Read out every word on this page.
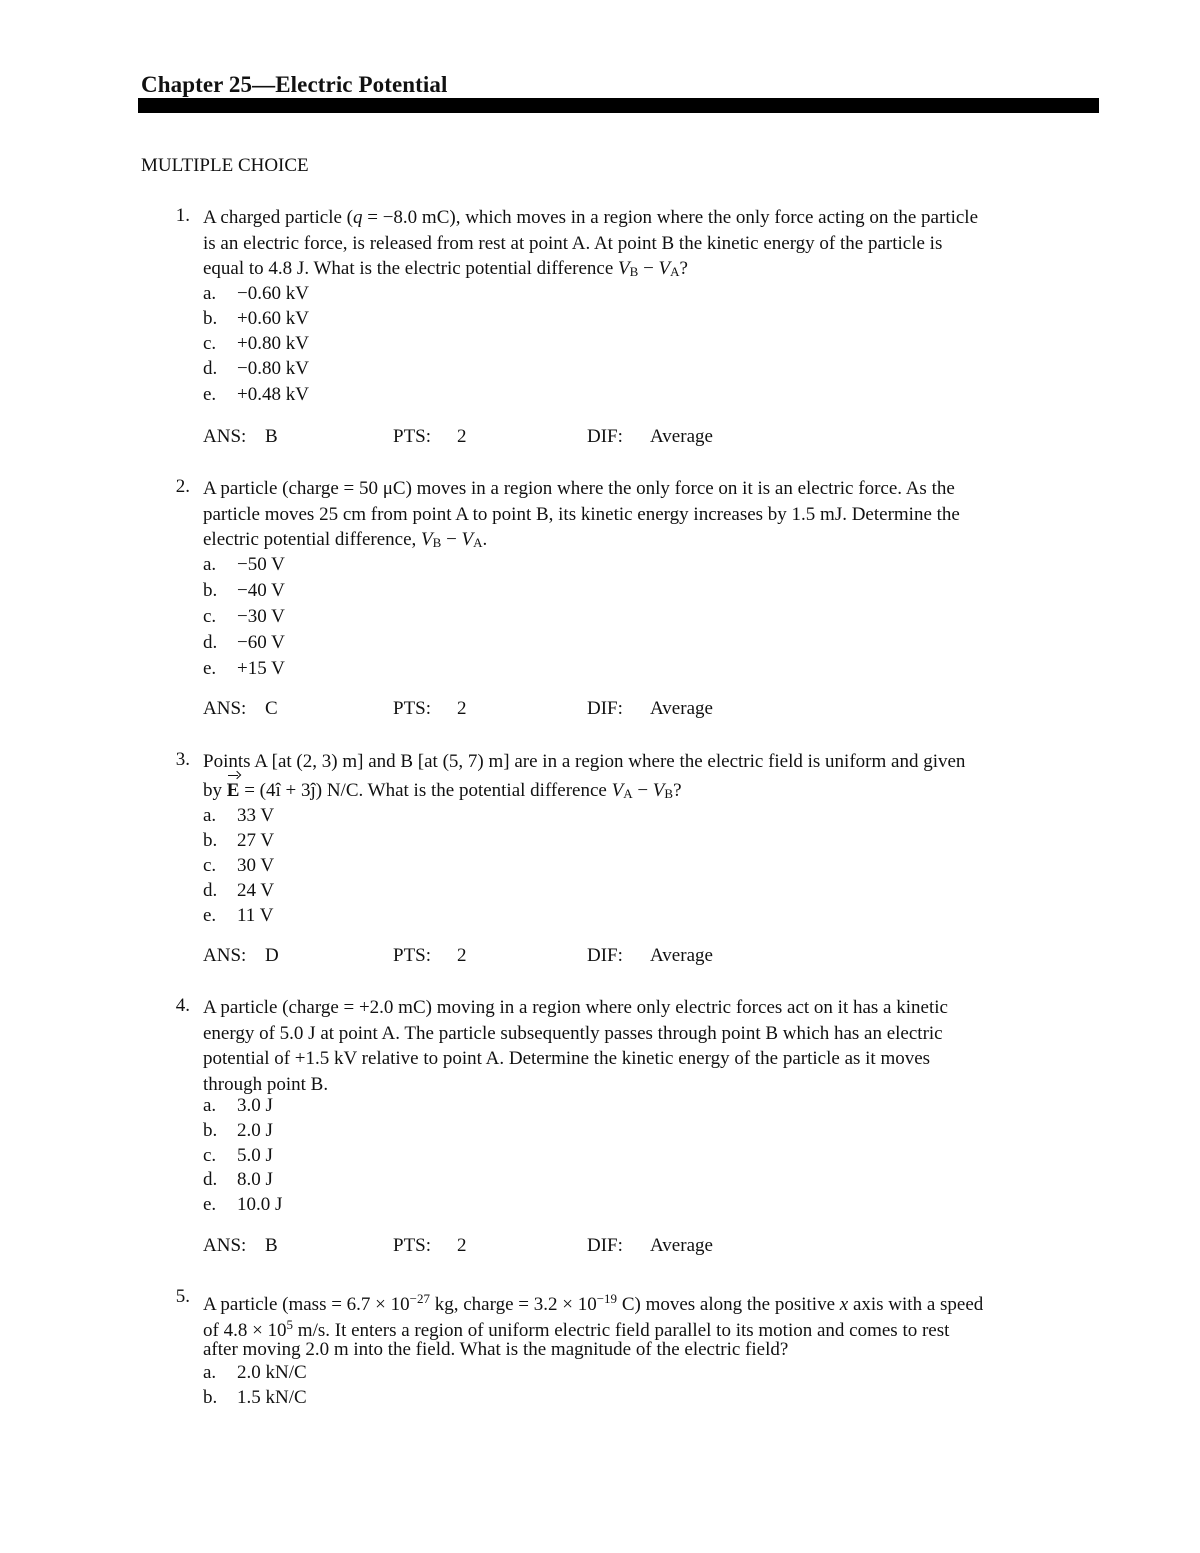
Chapter 25—Electric Potential
MULTIPLE CHOICE
1. A charged particle (q = −8.0 mC), which moves in a region where the only force acting on the particle
is an electric force, is released from rest at point A. At point B the kinetic energy of the particle is
equal to 4.8 J. What is the electric potential difference $V_B - V_A$?
a. −0.60 kV
b. +0.60 kV
c. +0.80 kV
d. −0.80 kV
e. +0.48 kV
ANS: B	PTS: 2	DIF: Average
2. A particle (charge = 50 μC) moves in a region where the only force on it is an electric force. As the
particle moves 25 cm from point A to point B, its kinetic energy increases by 1.5 mJ. Determine the
electric potential difference, $V_B - V_A$.
a. −50 V
b. −40 V
c. −30 V
d. −60 V
e. +15 V
ANS: C	PTS: 2	DIF: Average
3. Points A [at (2, 3) m] and B [at (5, 7) m] are in a region where the electric field is uniform and given
by E = (4î + 3ĵ) N/C. What is the potential difference $V_A - V_B$?
a. 33 V
b. 27 V
c. 30 V
d. 24 V
e. 11 V
ANS: D	PTS: 2	DIF: Average
4. A particle (charge = +2.0 mC) moving in a region where only electric forces act on it has a kinetic
energy of 5.0 J at point A. The particle subsequently passes through point B which has an electric
potential of +1.5 kV relative to point A. Determine the kinetic energy of the particle as it moves
through point B.
a. 3.0 J
b. 2.0 J
c. 5.0 J
d. 8.0 J
e. 10.0 J
ANS: B	PTS: 2	DIF: Average
5. A particle (mass = $6.7 \times 10^{-27}$ kg, charge = $3.2 \times 10^{-19}$ C) moves along the positive x axis with a speed
of $4.8 \times 10^5$ m/s. It enters a region of uniform electric field parallel to its motion and comes to rest
after moving 2.0 m into the field. What is the magnitude of the electric field?
a. 2.0 kN/C
b. 1.5 kN/C
